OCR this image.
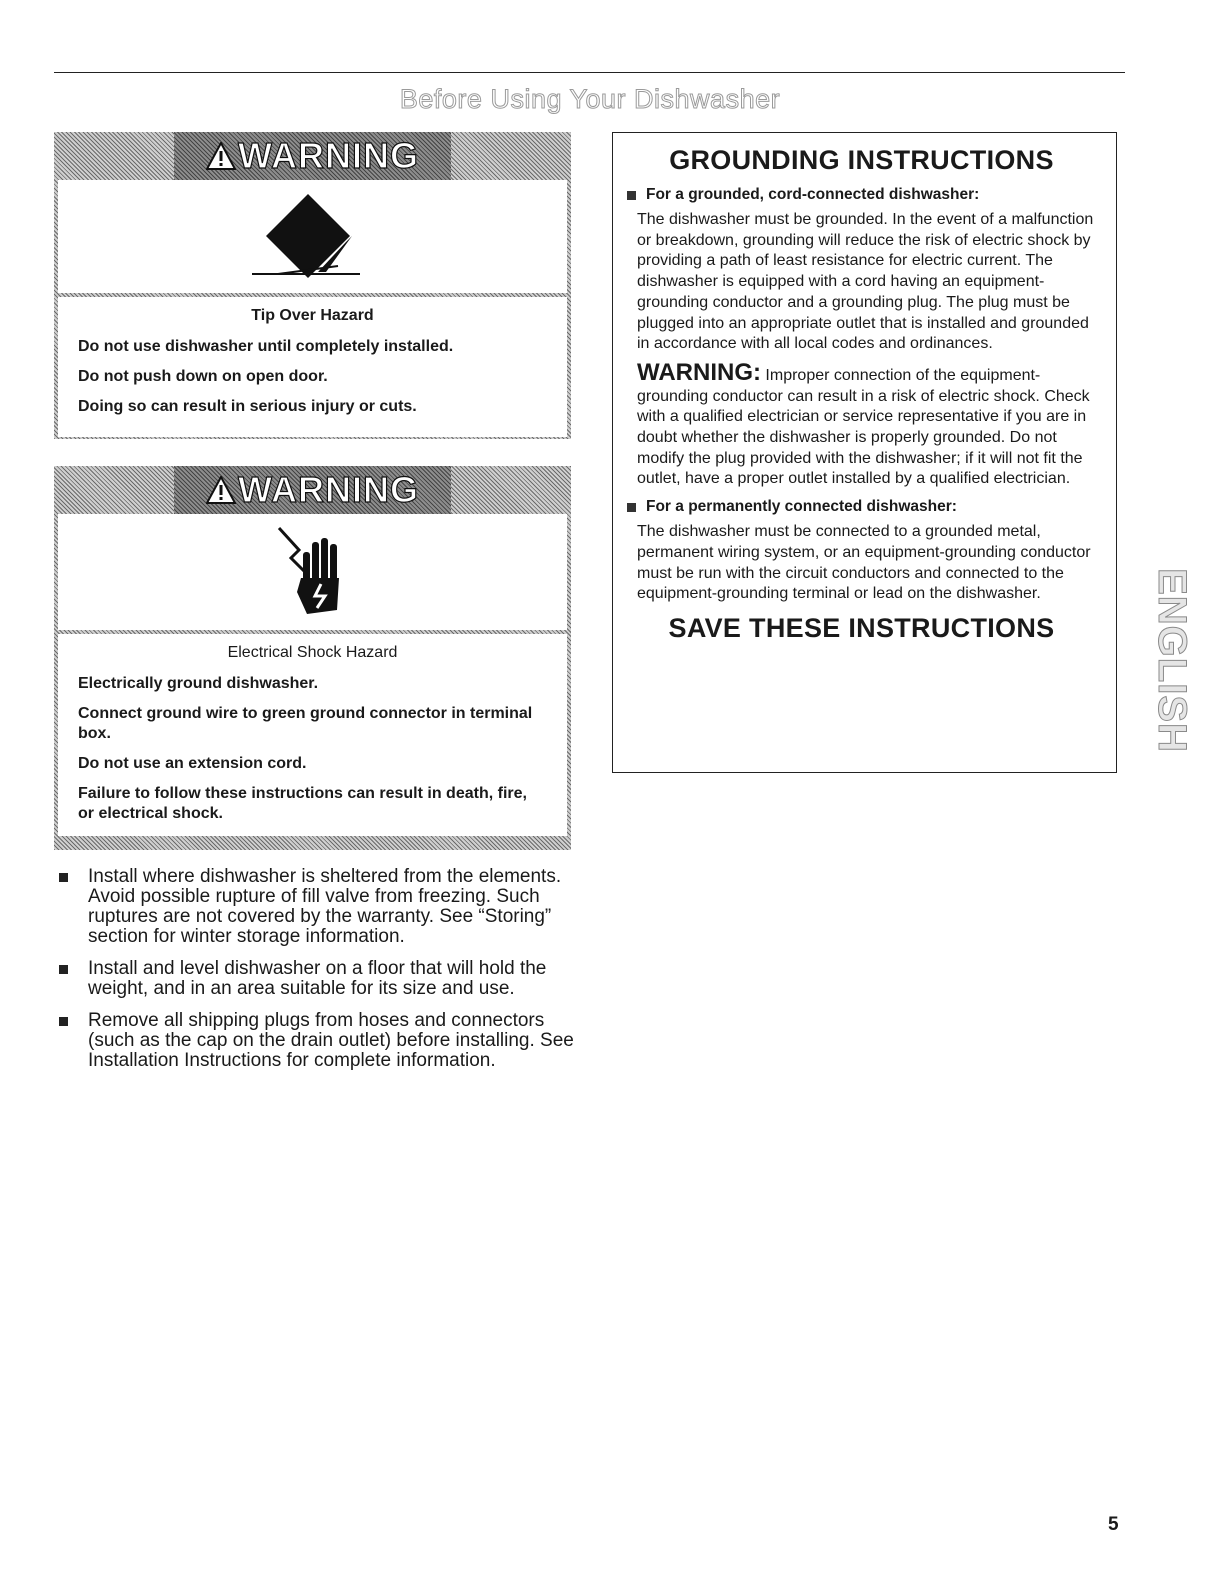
Before Using Your Dishwasher
WARNING
Tip Over Hazard
Do not use dishwasher until completely installed.
Do not push down on open door.
Doing so can result in serious injury or cuts.
WARNING
Electrical Shock Hazard
Electrically ground dishwasher.
Connect ground wire to green ground connector in terminal box.
Do not use an extension cord.
Failure to follow these instructions can result in death, fire, or electrical shock.
GROUNDING INSTRUCTIONS
For a grounded, cord-connected dishwasher:
The dishwasher must be grounded. In the event of a malfunction or breakdown, grounding will reduce the risk of electric shock by providing a path of least resistance for electric current. The dishwasher is equipped with a cord having an equipment-grounding conductor and a grounding plug. The plug must be plugged into an appropriate outlet that is installed and grounded in accordance with all local codes and ordinances.
WARNING: Improper connection of the equipment-grounding conductor can result in a risk of electric shock. Check with a qualified electrician or service representative if you are in doubt whether the dishwasher is properly grounded. Do not modify the plug provided with the dishwasher; if it will not fit the outlet, have a proper outlet installed by a qualified electrician.
For a permanently connected dishwasher:
The dishwasher must be connected to a grounded metal, permanent wiring system, or an equipment-grounding conductor must be run with the circuit conductors and connected to the equipment-grounding terminal or lead on the dishwasher.
SAVE THESE INSTRUCTIONS
Install where dishwasher is sheltered from the elements. Avoid possible rupture of fill valve from freezing. Such ruptures are not covered by the warranty. See “Storing” section for winter storage information.
Install and level dishwasher on a floor that will hold the weight, and in an area suitable for its size and use.
Remove all shipping plugs from hoses and connectors (such as the cap on the drain outlet) before installing. See Installation Instructions for complete information.
ENGLISH
5
